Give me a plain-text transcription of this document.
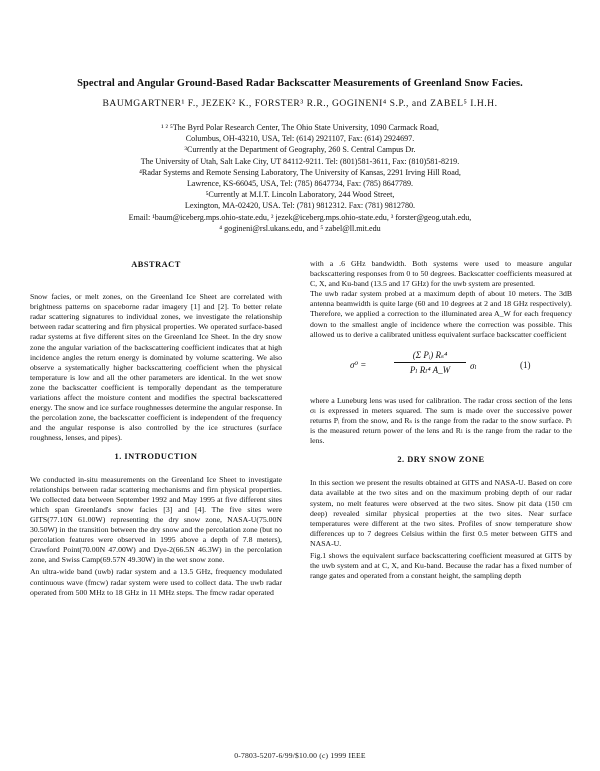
Spectral and Angular Ground-Based Radar Backscatter Measurements of Greenland Snow Facies.
BAUMGARTNER¹ F., JEZEK² K., FORSTER³ R.R., GOGINENI⁴ S.P., and ZABEL⁵ I.H.H.
¹ ² ⁵The Byrd Polar Research Center, The Ohio State University, 1090 Carmack Road,
Columbus, OH-43210, USA, Tel: (614) 2921107, Fax: (614) 2924697.
³Currently at the Department of Geography, 260 S. Central Campus Dr.
The University of Utah, Salt Lake City, UT 84112-9211. Tel: (801)581-3611, Fax: (810)581-8219.
⁴Radar Systems and Remote Sensing Laboratory, The University of Kansas, 2291 Irving Hill Road,
Lawrence, KS-66045, USA, Tel: (785) 8647734, Fax: (785) 8647789.
⁵Currently at M.I.T. Lincoln Laboratory, 244 Wood Street,
Lexington, MA-02420, USA. Tel: (781) 9812312. Fax: (781) 9812780.
Email: ¹baum@iceberg.mps.ohio-state.edu, ² jezek@iceberg.mps.ohio-state.edu, ³ forster@geog.utah.edu,
⁴ gogineni@rsl.ukans.edu, and ⁵ zabel@ll.mit.edu
ABSTRACT

Snow facies, or melt zones, on the Greenland Ice Sheet are correlated with brightness patterns on spaceborne radar imagery [1] and [2]. To better relate radar scattering signatures to individual zones, we investigate the relationship between radar scattering and firn physical properties. We operated surface-based radar systems at five different sites on the Greenland Ice Sheet. In the dry snow zone the angular variation of the backscattering coefficient indicates that at high incidence angles the return energy is dominated by volume scattering. We also observe a systematically higher backscattering coefficient when the physical temperature is low and all the other parameters are identical. In the wet snow zone the backscatter coefficient is temporally dependant as the temperature variations affect the moisture content and modifies the spectral backscattered energy. The snow and ice surface roughnesses determine the angular response. In the percolation zone, the backscatter coefficient is independent of the frequency and the angular response is also controlled by the ice structures (surface roughness, lenses, and pipes).

1. INTRODUCTION

We conducted in-situ measurements on the Greenland Ice Sheet to investigate relationships between radar scattering mechanisms and firn physical properties. We collected data between September 1992 and May 1995 at five different sites which span Greenland's snow facies [3] and [4]. The five sites were GITS(77.10N 61.00W) representing the dry snow zone, NASA-U(75.00N 30.50W) in the transition between the dry snow and the percolation zone (but no percolation features were observed in 1995 above a depth of 7.8 meters), Crawford Point(70.00N 47.00W) and Dye-2(66.5N 46.3W) in the percolation zone, and Swiss Camp(69.57N 49.30W) in the wet snow zone.

An ultra-wide band (uwb) radar system and a 13.5 GHz, frequency modulated continuous wave (fmcw) radar system were used to collect data. The uwb radar operated from 500 MHz to 18 GHz in 11 MHz steps. The fmcw radar operated

with a .6 GHz bandwidth. Both systems were used to measure angular backscattering responses from 0 to 50 degrees. Backscatter coefficients measured at C, X, and Ku-band (13.5 and 17 GHz) for the uwb system are presented.

The uwb radar system probed at a maximum depth of about 10 meters. The 3dB antenna beamwidth is quite large (60 and 10 degrees at 2 and 18 GHz respectively). Therefore, we applied a correction to the illuminated area A_W for each frequency down to the smallest angle of incidence where the correction was possible. This allowed us to derive a calibrated unitless equivalent surface backscatter coefficient

σ⁰ =	$\frac{\text{(Σ Pᵢ) Rₛ⁴}}{\text{Pₗ Rₗ⁴ A\_W}}$ σₗ	(1)

where a Luneburg lens was used for calibration. The radar cross section of the lens σₗ is expressed in meters squared. The sum is made over the successive power returns Pᵢ from the snow, and Rₛ is the range from the radar to the snow surface. Pₗ is the measured return power of the lens and Rₗ is the range from the radar to the lens.

2. DRY SNOW ZONE

In this section we present the results obtained at GITS and NASA-U. Based on core data available at the two sites and on the maximum probing depth of our radar system, no melt features were observed at the two sites. Snow pit data (150 cm deep) revealed similar physical properties at the two sites. Near surface temperatures were different at the two sites. Profiles of snow temperature show differences up to 7 degrees Celsius within the first 0.5 meter between GITS and NASA-U.

Fig.1 shows the equivalent surface backscattering coefficient measured at GITS by the uwb system and at C, X, and Ku-band. Because the radar has a fixed number of range gates and operated from a constant height, the sampling depth

0-7803-5207-6/99/$10.00 (c) 1999 IEEE
